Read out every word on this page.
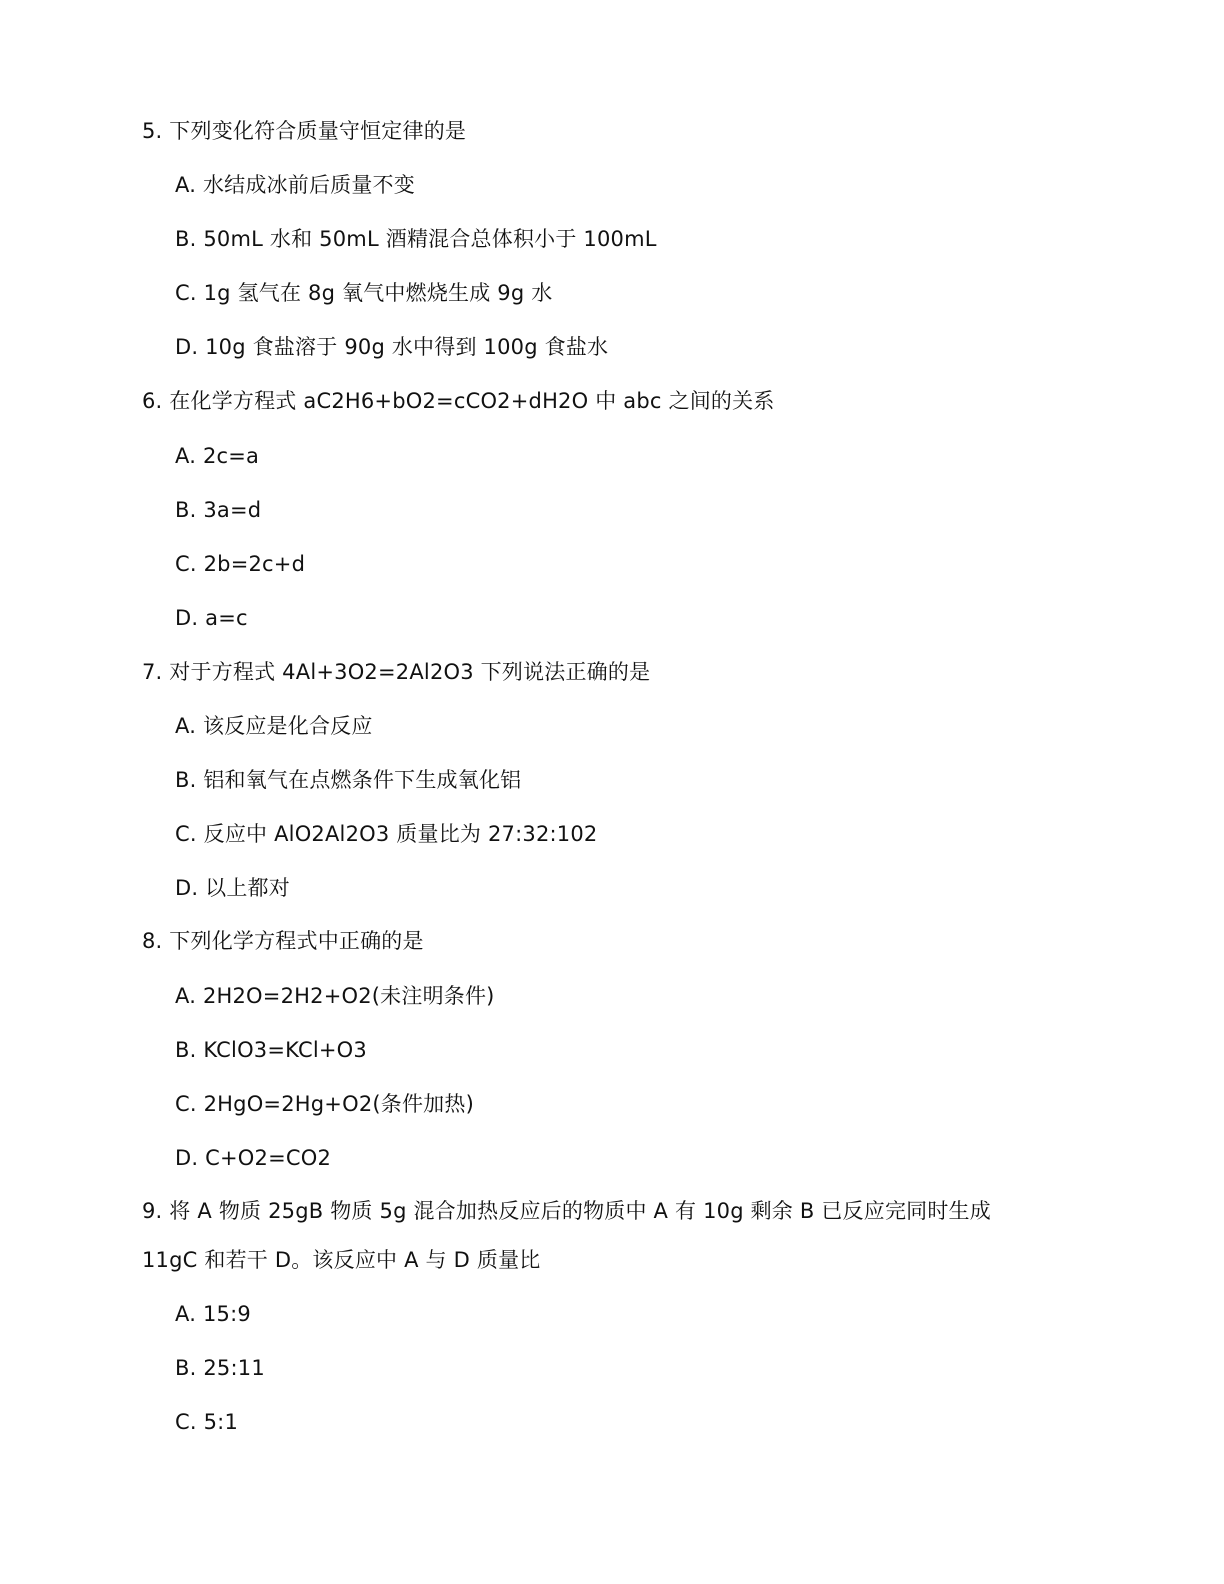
5. 下列变化符合质量守恒定律的是
A. 水结成冰前后质量不变
B. 50mL 水和 50mL 酒精混合总体积小于 100mL
C. 1g 氢气在 8g 氧气中燃烧生成 9g 水
D. 10g 食盐溶于 90g 水中得到 100g 食盐水
6. 在化学方程式 aC2H6+bO2=cCO2+dH2O 中 abc 之间的关系
A. 2c=a
B. 3a=d
C. 2b=2c+d
D. a=c
7. 对于方程式 4Al+3O2=2Al2O3 下列说法正确的是
A. 该反应是化合反应
B. 铝和氧气在点燃条件下生成氧化铝
C. 反应中 AlO2Al2O3 质量比为 27:32:102
D. 以上都对
8. 下列化学方程式中正确的是
A. 2H2O=2H2+O2(未注明条件)
B. KClO3=KCl+O3
C. 2HgO=2Hg+O2(条件加热)
D. C+O2=CO2
9. 将 A 物质 25gB 物质 5g 混合加热反应后的物质中 A 有 10g 剩余 B 已反应完同时生成
11gC 和若干 D。该反应中 A 与 D 质量比
A. 15:9
B. 25:11
C. 5:1
